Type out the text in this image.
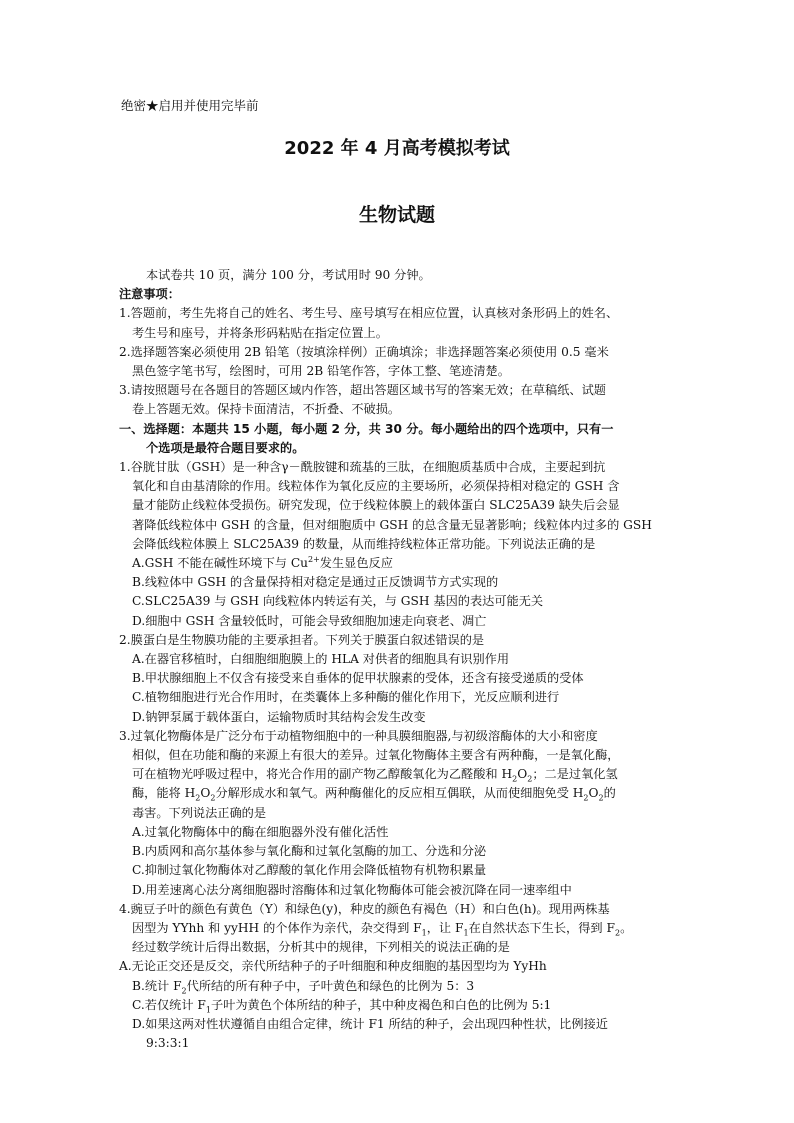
绝密★启用并使用完毕前
2022 年 4 月高考模拟考试
生物试题
本试卷共 10 页，满分 100 分，考试用时 90 分钟。
注意事项：
1.答题前，考生先将自己的姓名、考生号、座号填写在相应位置，认真核对条形码上的姓名、
考生号和座号，并将条形码粘贴在指定位置上。
2.选择题答案必须使用 2B 铅笔（按填涂样例）正确填涂；非选择题答案必须使用 0.5 毫米
黑色签字笔书写，绘图时，可用 2B 铅笔作答，字体工整、笔迹清楚。
3.请按照题号在各题目的答题区域内作答，超出答题区域书写的答案无效；在草稿纸、试题
卷上答题无效。保持卡面清洁，不折叠、不破损。
一、选择题：本题共 15 小题，每小题 2 分，共 30 分。每小题给出的四个选项中，只有一
个选项是最符合题目要求的。
1.谷胱甘肽（GSH）是一种含γ－酰胺键和巯基的三肽，在细胞质基质中合成，主要起到抗
氧化和自由基清除的作用。线粒体作为氧化反应的主要场所，必须保持相对稳定的 GSH 含
量才能防止线粒体受损伤。研究发现，位于线粒体膜上的载体蛋白 SLC25A39 缺失后会显
著降低线粒体中 GSH 的含量，但对细胞质中 GSH 的总含量无显著影响；线粒体内过多的 GSH
会降低线粒体膜上 SLC25A39 的数量，从而维持线粒体正常功能。下列说法正确的是
A.GSH 不能在碱性环境下与 $Cu^{2+}$发生显色反应
B.线粒体中 GSH 的含量保持相对稳定是通过正反馈调节方式实现的
C.SLC25A39 与 GSH 向线粒体内转运有关，与 GSH 基因的表达可能无关
D.细胞中 GSH 含量较低时，可能会导致细胞加速走向衰老、凋亡
2.膜蛋白是生物膜功能的主要承担者。下列关于膜蛋白叙述错误的是
A.在器官移植时，白细胞细胞膜上的 HLA 对供者的细胞具有识别作用
B.甲状腺细胞上不仅含有接受来自垂体的促甲状腺素的受体，还含有接受递质的受体
C.植物细胞进行光合作用时，在类囊体上多种酶的催化作用下，光反应顺利进行
D.钠钾泵属于载体蛋白，运输物质时其结构会发生改变
3.过氧化物酶体是广泛分布于动植物细胞中的一种具膜细胞器,与初级溶酶体的大小和密度
相似，但在功能和酶的来源上有很大的差异。过氧化物酶体主要含有两种酶，一是氧化酶，
可在植物光呼吸过程中，将光合作用的副产物乙醇酸氧化为乙醛酸和 $H_2O_2$；二是过氧化氢
酶，能将 $H_2O_2$分解形成水和氧气。两种酶催化的反应相互偶联，从而使细胞免受 $H_2O_2$的
毒害。下列说法正确的是
A.过氧化物酶体中的酶在细胞器外没有催化活性
B.内质网和高尔基体参与氧化酶和过氧化氢酶的加工、分选和分泌
C.抑制过氧化物酶体对乙醇酸的氧化作用会降低植物有机物积累量
D.用差速离心法分离细胞器时溶酶体和过氧化物酶体可能会被沉降在同一速率组中
4.豌豆子叶的颜色有黄色（Y）和绿色(y)，种皮的颜色有褐色（H）和白色(h)。现用两株基
因型为 YYhh 和 yyHH 的个体作为亲代，杂交得到 $F_1$，让 $F_1$在自然状态下生长，得到 $F_2$。
经过数学统计后得出数据，分析其中的规律，下列相关的说法正确的是
A.无论正交还是反交，亲代所结种子的子叶细胞和种皮细胞的基因型均为 YyHh
B.统计 $F_2$代所结的所有种子中，子叶黄色和绿色的比例为 5：3
C.若仅统计 $F_1$子叶为黄色个体所结的种子，其中种皮褐色和白色的比例为 5:1
D.如果这两对性状遵循自由组合定律，统计 F1 所结的种子，会出现四种性状，比例接近
9:3:3:1
